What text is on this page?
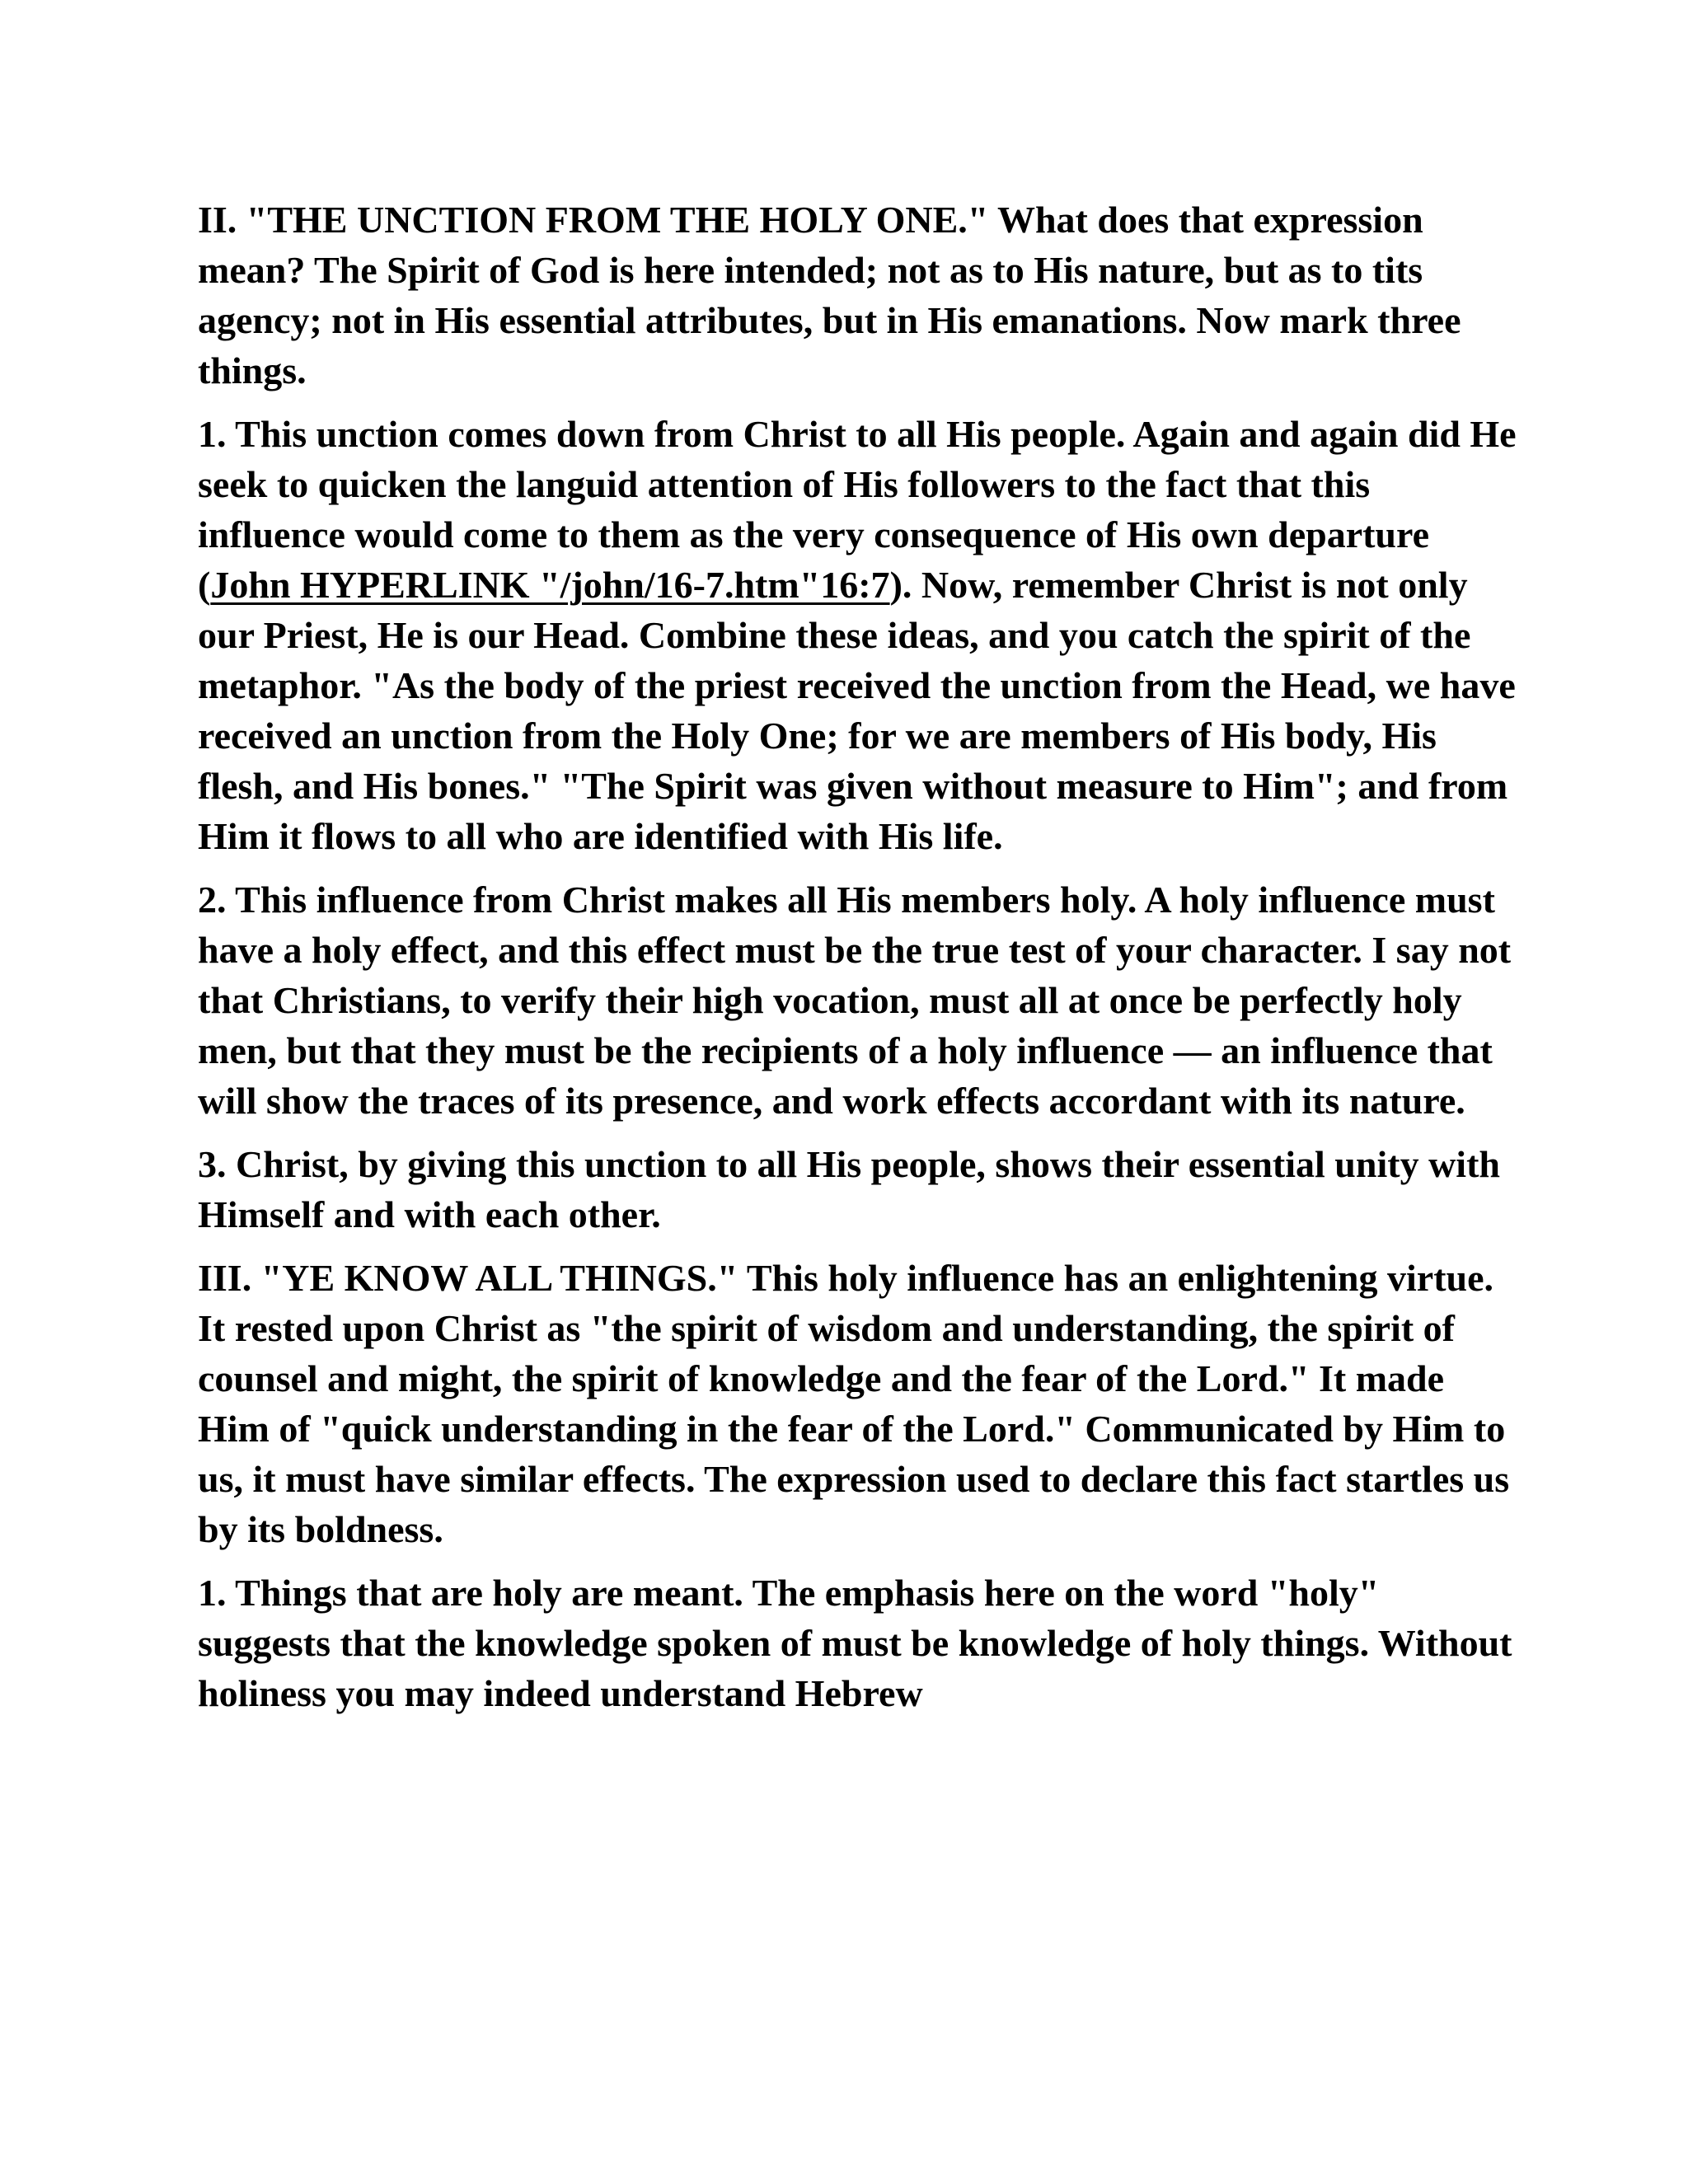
II. "THE UNCTION FROM THE HOLY ONE." What does that expression mean? The Spirit of God is here intended; not as to His nature, but as to tits agency; not in His essential attributes, but in His emanations. Now mark three things.

1. This unction comes down from Christ to all His people. Again and again did He seek to quicken the languid attention of His followers to the fact that this influence would come to them as the very consequence of His own departure (John HYPERLINK "/john/16-7.htm"16:7). Now, remember Christ is not only our Priest, He is our Head. Combine these ideas, and you catch the spirit of the metaphor. "As the body of the priest received the unction from the Head, we have received an unction from the Holy One; for we are members of His body, His flesh, and His bones." "The Spirit was given without measure to Him"; and from Him it flows to all who are identified with His life.

2. This influence from Christ makes all His members holy. A holy influence must have a holy effect, and this effect must be the true test of your character. I say not that Christians, to verify their high vocation, must all at once be perfectly holy men, but that they must be the recipients of a holy influence — an influence that will show the traces of its presence, and work effects accordant with its nature.

3. Christ, by giving this unction to all His people, shows their essential unity with Himself and with each other.

III. "YE KNOW ALL THINGS." This holy influence has an enlightening virtue. It rested upon Christ as "the spirit of wisdom and understanding, the spirit of counsel and might, the spirit of knowledge and the fear of the Lord." It made Him of "quick understanding in the fear of the Lord." Communicated by Him to us, it must have similar effects. The expression used to declare this fact startles us by its boldness.

1. Things that are holy are meant. The emphasis here on the word "holy" suggests that the knowledge spoken of must be knowledge of holy things. Without holiness you may indeed understand Hebrew
